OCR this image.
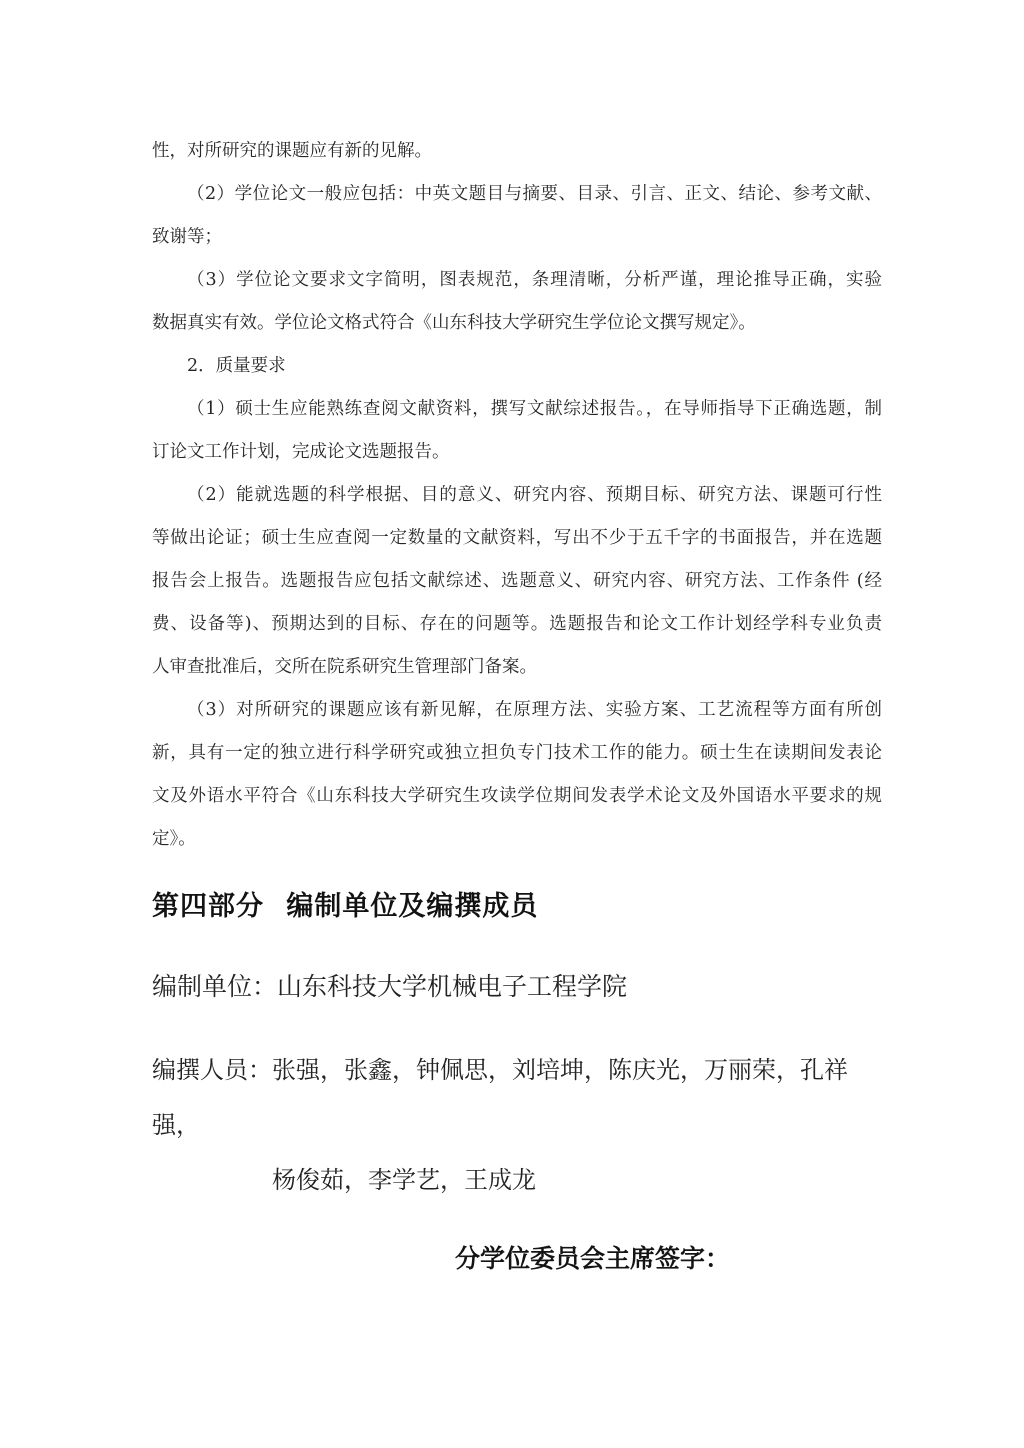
性，对所研究的课题应有新的见解。
（2）学位论文一般应包括：中英文题目与摘要、目录、引言、正文、结论、参考文献、
致谢等；
（3）学位论文要求文字简明，图表规范，条理清晰，分析严谨，理论推导正确，实验
数据真实有效。学位论文格式符合《山东科技大学研究生学位论文撰写规定》。
2．质量要求
（1）硕士生应能熟练查阅文献资料，撰写文献综述报告。，在导师指导下正确选题，制
订论文工作计划，完成论文选题报告。
（2）能就选题的科学根据、目的意义、研究内容、预期目标、研究方法、课题可行性
等做出论证；硕士生应查阅一定数量的文献资料，写出不少于五千字的书面报告，并在选题
报告会上报告。选题报告应包括文献综述、选题意义、研究内容、研究方法、工作条件 (经
费、设备等)、预期达到的目标、存在的问题等。选题报告和论文工作计划经学科专业负责
人审查批准后，交所在院系研究生管理部门备案。
（3）对所研究的课题应该有新见解，在原理方法、实验方案、工艺流程等方面有所创
新，具有一定的独立进行科学研究或独立担负专门技术工作的能力。硕士生在读期间发表论
文及外语水平符合《山东科技大学研究生攻读学位期间发表学术论文及外国语水平要求的规
定》。
第四部分 编制单位及编撰成员
编制单位：山东科技大学机械电子工程学院
编撰人员：张强，张鑫，钟佩思，刘培坤，陈庆光，万丽荣，孔祥强，
杨俊茹，李学艺，王成龙
分学位委员会主席签字：
